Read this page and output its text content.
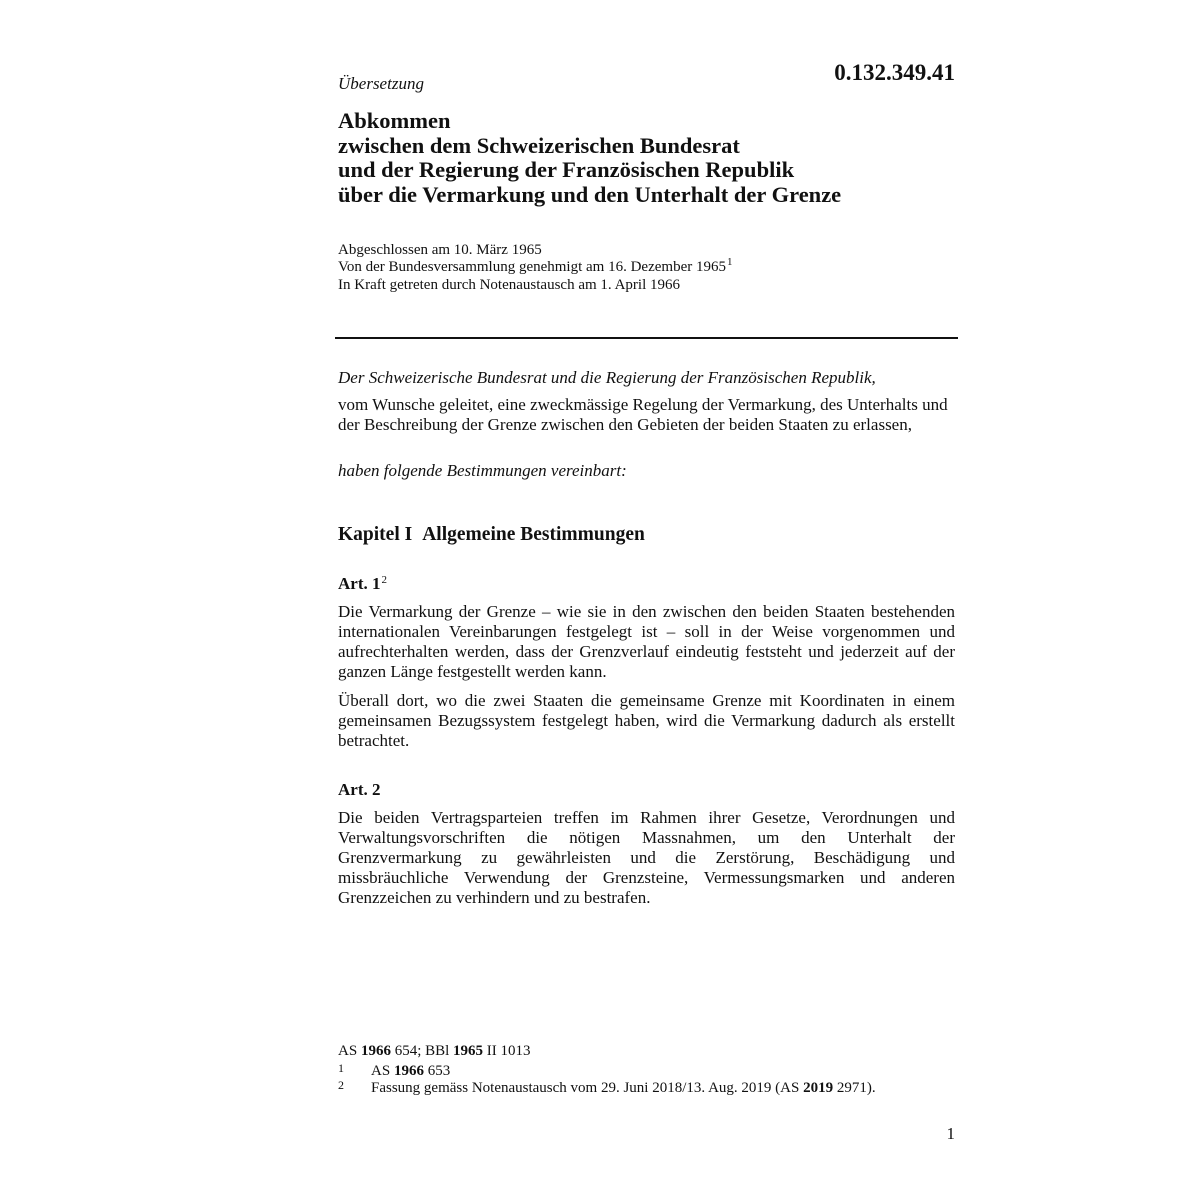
Übersetzung	0.132.349.41
Abkommen
zwischen dem Schweizerischen Bundesrat
und der Regierung der Französischen Republik
über die Vermarkung und den Unterhalt der Grenze
Abgeschlossen am 10. März 1965
Von der Bundesversammlung genehmigt am 16. Dezember 1965$^1$
In Kraft getreten durch Notenaustausch am 1. April 1966
Der Schweizerische Bundesrat und die Regierung der Französischen Republik,
vom Wunsche geleitet, eine zweckmässige Regelung der Vermarkung, des Unterhalts und der Beschreibung der Grenze zwischen den Gebieten der beiden Staaten zu erlassen,
haben folgende Bestimmungen vereinbart:
Kapitel I Allgemeine Bestimmungen
Art. $1^2$
Die Vermarkung der Grenze – wie sie in den zwischen den beiden Staaten bestehenden internationalen Vereinbarungen festgelegt ist – soll in der Weise vorgenommen und aufrechterhalten werden, dass der Grenzverlauf eindeutig feststeht und jederzeit auf der ganzen Länge festgestellt werden kann.
Überall dort, wo die zwei Staaten die gemeinsame Grenze mit Koordinaten in einem gemeinsamen Bezugssystem festgelegt haben, wird die Vermarkung dadurch als erstellt betrachtet.
Art. 2
Die beiden Vertragsparteien treffen im Rahmen ihrer Gesetze, Verordnungen und Verwaltungsvorschriften die nötigen Massnahmen, um den Unterhalt der Grenzvermarkung zu gewährleisten und die Zerstörung, Beschädigung und missbräuchliche Verwendung der Grenzsteine, Vermessungsmarken und anderen Grenzzeichen zu verhindern und zu bestrafen.
AS 1966 654; BBl 1965 II 1013
1 AS 1966 653
2 Fassung gemäss Notenaustausch vom 29. Juni 2018/13. Aug. 2019 (AS 2019 2971).
1
